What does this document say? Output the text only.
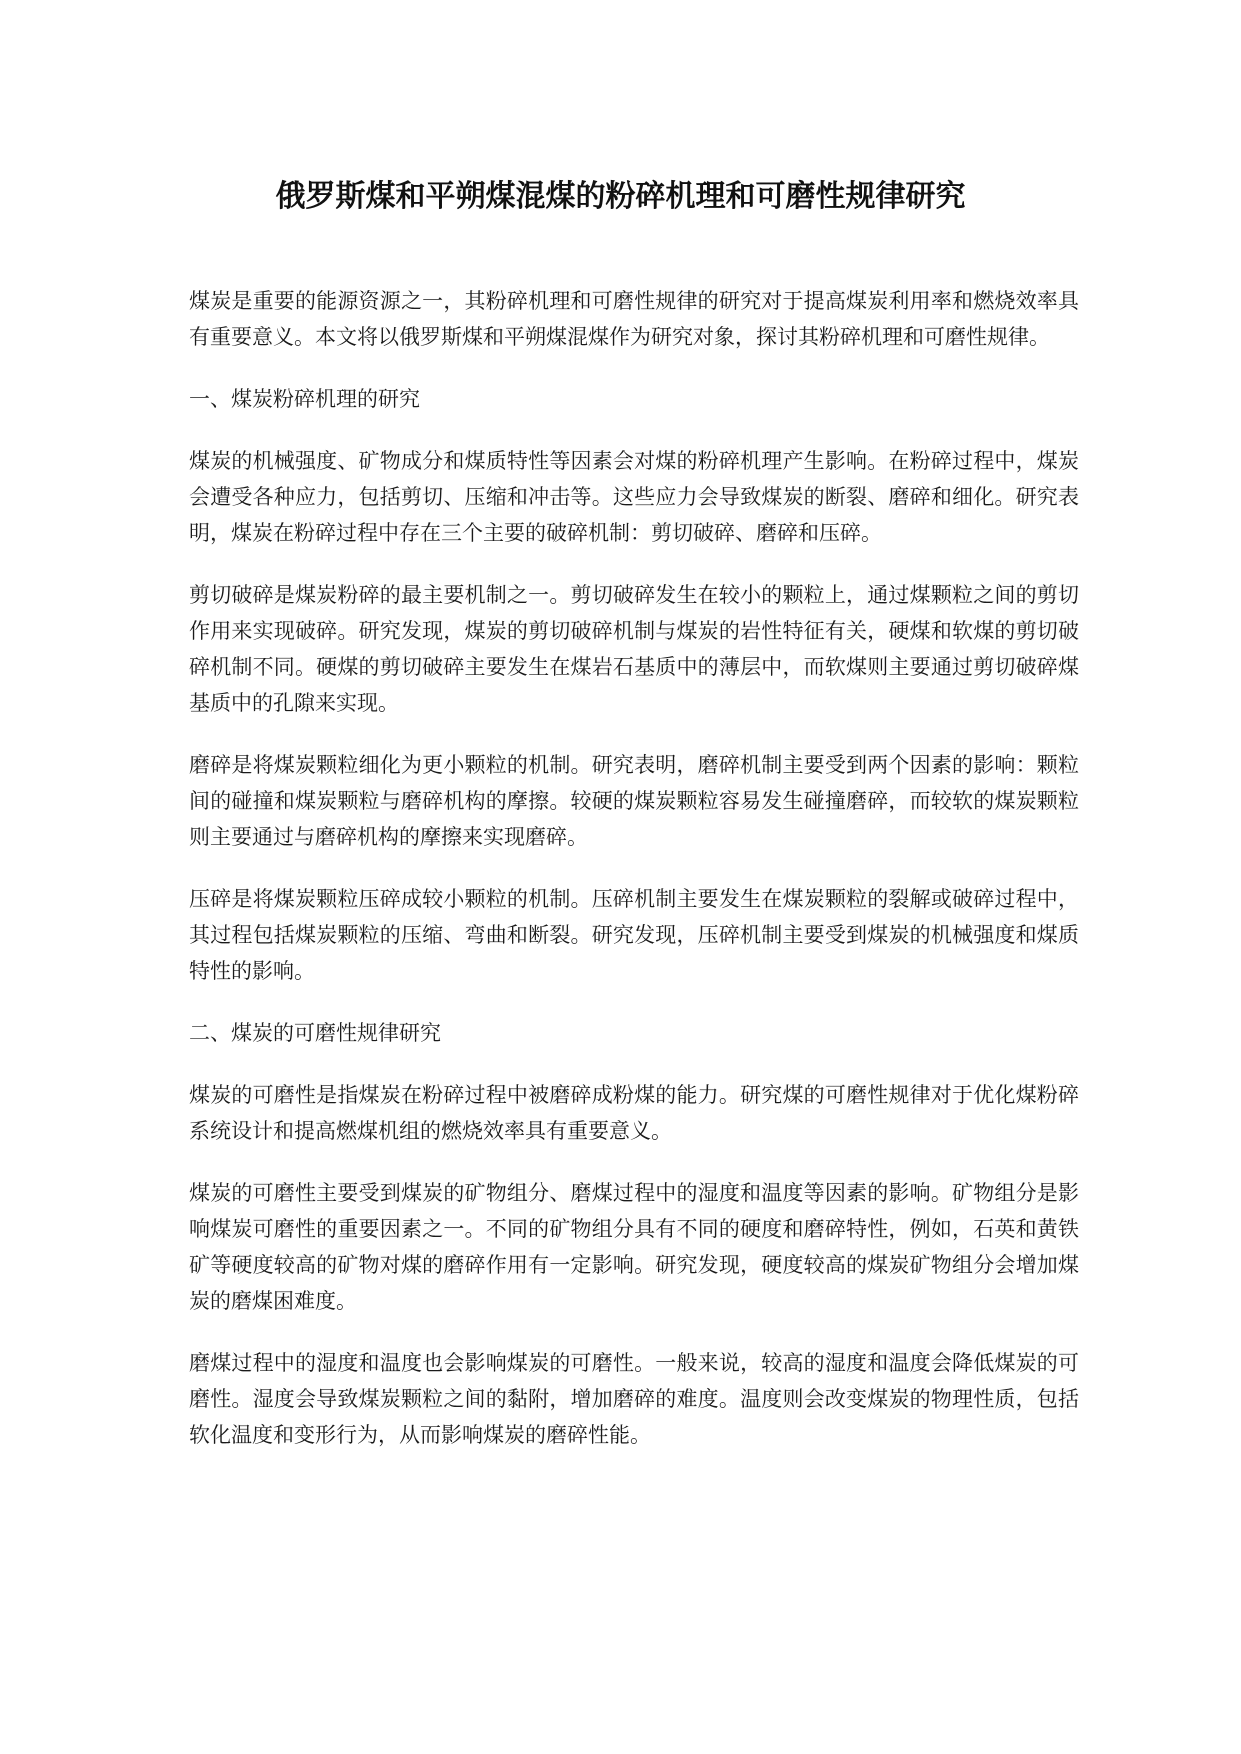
俄罗斯煤和平朔煤混煤的粉碎机理和可磨性规律研究

煤炭是重要的能源资源之一，其粉碎机理和可磨性规律的研究对于提高煤炭利用率和燃烧效率具有重要意义。本文将以俄罗斯煤和平朔煤混煤作为研究对象，探讨其粉碎机理和可磨性规律。

一、煤炭粉碎机理的研究

煤炭的机械强度、矿物成分和煤质特性等因素会对煤的粉碎机理产生影响。在粉碎过程中，煤炭会遭受各种应力，包括剪切、压缩和冲击等。这些应力会导致煤炭的断裂、磨碎和细化。研究表明，煤炭在粉碎过程中存在三个主要的破碎机制：剪切破碎、磨碎和压碎。

剪切破碎是煤炭粉碎的最主要机制之一。剪切破碎发生在较小的颗粒上，通过煤颗粒之间的剪切作用来实现破碎。研究发现，煤炭的剪切破碎机制与煤炭的岩性特征有关，硬煤和软煤的剪切破碎机制不同。硬煤的剪切破碎主要发生在煤岩石基质中的薄层中，而软煤则主要通过剪切破碎煤基质中的孔隙来实现。

磨碎是将煤炭颗粒细化为更小颗粒的机制。研究表明，磨碎机制主要受到两个因素的影响：颗粒间的碰撞和煤炭颗粒与磨碎机构的摩擦。较硬的煤炭颗粒容易发生碰撞磨碎，而较软的煤炭颗粒则主要通过与磨碎机构的摩擦来实现磨碎。

压碎是将煤炭颗粒压碎成较小颗粒的机制。压碎机制主要发生在煤炭颗粒的裂解或破碎过程中，其过程包括煤炭颗粒的压缩、弯曲和断裂。研究发现，压碎机制主要受到煤炭的机械强度和煤质特性的影响。

二、煤炭的可磨性规律研究

煤炭的可磨性是指煤炭在粉碎过程中被磨碎成粉煤的能力。研究煤的可磨性规律对于优化煤粉碎系统设计和提高燃煤机组的燃烧效率具有重要意义。

煤炭的可磨性主要受到煤炭的矿物组分、磨煤过程中的湿度和温度等因素的影响。矿物组分是影响煤炭可磨性的重要因素之一。不同的矿物组分具有不同的硬度和磨碎特性，例如，石英和黄铁矿等硬度较高的矿物对煤的磨碎作用有一定影响。研究发现，硬度较高的煤炭矿物组分会增加煤炭的磨煤困难度。

磨煤过程中的湿度和温度也会影响煤炭的可磨性。一般来说，较高的湿度和温度会降低煤炭的可磨性。湿度会导致煤炭颗粒之间的黏附，增加磨碎的难度。温度则会改变煤炭的物理性质，包括软化温度和变形行为，从而影响煤炭的磨碎性能。
